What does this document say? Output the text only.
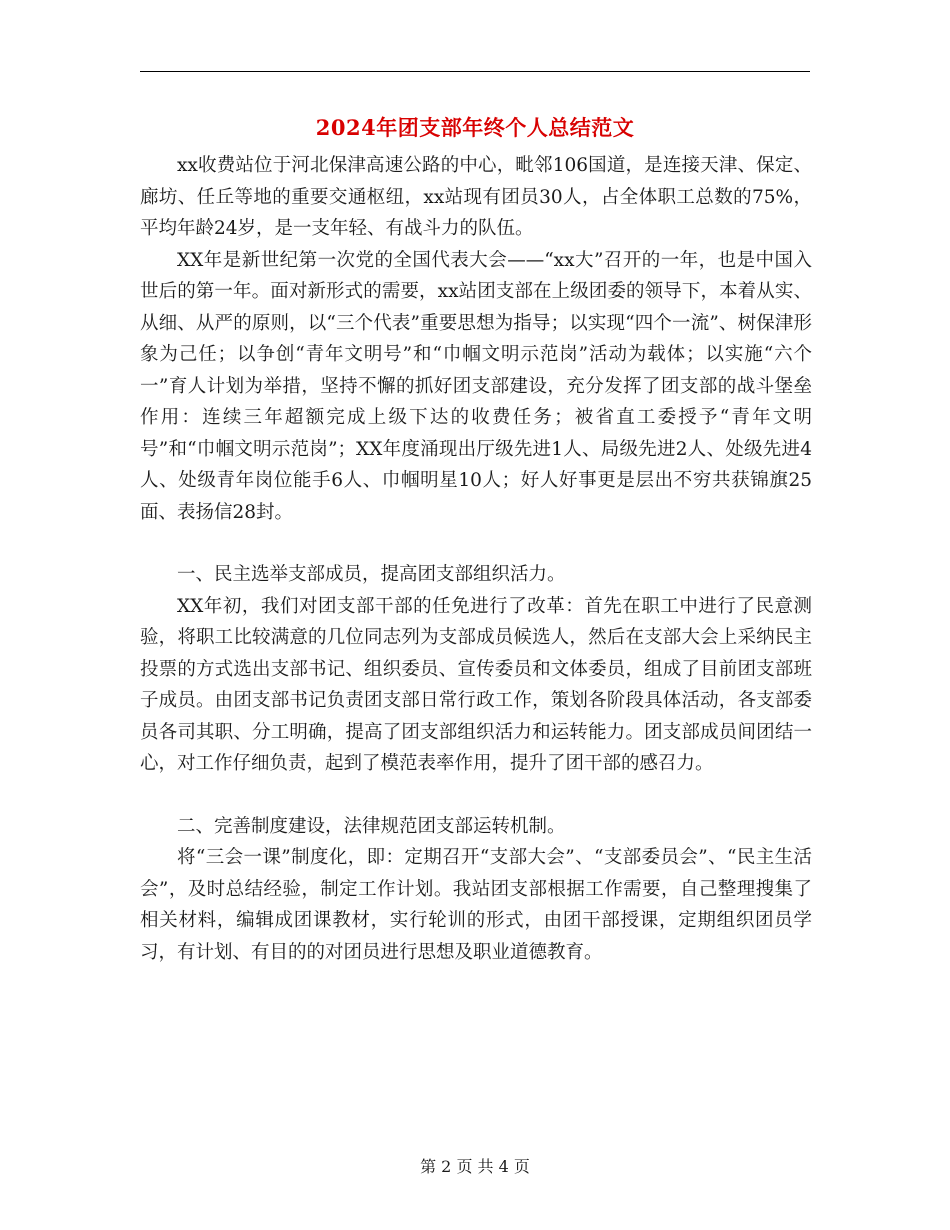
2024年团支部年终个人总结范文

xx收费站位于河北保津高速公路的中心，毗邻106国道，是连接天津、保定、廊坊、任丘等地的重要交通枢纽，xx站现有团员30人，占全体职工总数的75%，平均年龄24岁，是一支年轻、有战斗力的队伍。

XX年是新世纪第一次党的全国代表大会——“xx大”召开的一年，也是中国入世后的第一年。面对新形式的需要，xx站团支部在上级团委的领导下，本着从实、从细、从严的原则，以“三个代表”重要思想为指导；以实现“四个一流”、树保津形象为己任；以争创“青年文明号”和“巾帼文明示范岗”活动为载体；以实施“六个一”育人计划为举措，坚持不懈的抓好团支部建设，充分发挥了团支部的战斗堡垒作用：连续三年超额完成上级下达的收费任务；被省直工委授予“青年文明号”和“巾帼文明示范岗”；XX年度涌现出厅级先进1人、局级先进2人、处级先进4人、处级青年岗位能手6人、巾帼明星10人；好人好事更是层出不穷共获锦旗25面、表扬信28封。

一、民主选举支部成员，提高团支部组织活力。

XX年初，我们对团支部干部的任免进行了改革：首先在职工中进行了民意测验，将职工比较满意的几位同志列为支部成员候选人，然后在支部大会上采纳民主投票的方式选出支部书记、组织委员、宣传委员和文体委员，组成了目前团支部班子成员。由团支部书记负责团支部日常行政工作，策划各阶段具体活动，各支部委员各司其职、分工明确，提高了团支部组织活力和运转能力。团支部成员间团结一心，对工作仔细负责，起到了模范表率作用，提升了团干部的感召力。

二、完善制度建设，法律规范团支部运转机制。

将“三会一课”制度化，即：定期召开“支部大会”、“支部委员会”、“民主生活会”，及时总结经验，制定工作计划。我站团支部根据工作需要，自己整理搜集了相关材料，编辑成团课教材，实行轮训的形式，由团干部授课，定期组织团员学习，有计划、有目的的对团员进行思想及职业道德教育。

第 2 页 共 4 页
